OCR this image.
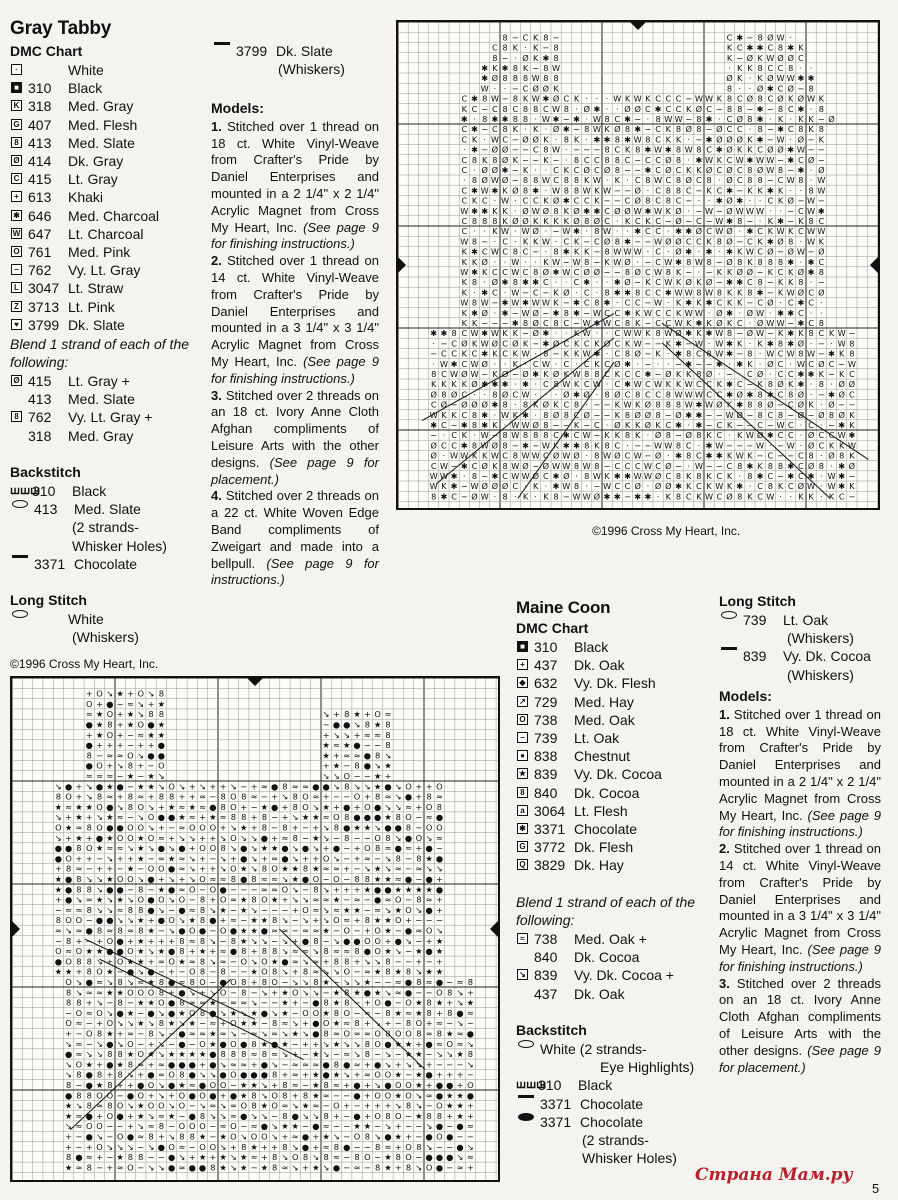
Gray Tabby
DMC Chart
·	White
■ 310	Black
K 318	Med. Gray
G 407	Med. Flesh
8 413	Med. Slate
Ø 414	Dk. Gray
C 415	Lt. Gray
+ 613	Khaki
✱ 646	Med. Charcoal
W 647	Lt. Charcoal
O 761	Med. Pink
− 762	Vy. Lt. Gray
L 3047 Lt. Straw
Z 3713 Lt. Pink
♥ 3799 Dk. Slate
Blend 1 strand of each of the following:
Ø 415	Lt. Gray +
413	Med. Slate
8 762	Vy. Lt. Gray +
318	Med. Gray
Backstitch
ꟺꟺꟺ
310	Black
413	Med. Slate
(2 strands-
Whisker Holes)
3371 Chocolate
Long Stitch
White
(Whiskers)
©1996 Cross My Heart, Inc.
3799 Dk. Slate
(Whiskers)

Models:

1. Stitched over 1 thread on 18 ct. White Vinyl-Weave from Crafter's Pride by Daniel Enterprises and mounted in a 2 1/4" x 2 1/4" Acrylic Magnet from Cross My Heart, Inc. (See page 9 for finishing instructions.)

2. Stitched over 1 thread on 14 ct. White Vinyl-Weave from Crafter's Pride by Daniel Enterprises and mounted in a 3 1/4" x 3 1/4" Acrylic Magnet from Cross My Heart, Inc. (See page 9 for finishing instructions.)

3. Stitched over 2 threads on an 18 ct. Ivory Anne Cloth Afghan compliments of Leisure Arts with the other designs. (See page 9 for placement.)

4. Stitched over 2 threads on a 22 ct. White Woven Edge Band compliments of Zweigart and made into a bellpull. (See page 9 for instructions.)

8 − C K 8 −	C ✱ − 8 Ø W ·
C 8 K · K − 8	K C ✱ ✱ C 8 ✱ K
8 − · Ø K ✱ 8	K − Ø K W Ø Ø C
✱ K ✱ 8 K − 8 W	· K K 8 C C 8 · ·
✱ Ø 8 8 8 W 8 8	Ø K · K Ø W W ✱ ✱
W · · − C Ø Ø K	8 · · Ø ✱ C Ø − 8
C ✱ 8 W − 8 K W ✱ Ø C K · · · W K W K C C C − W W K 8 C Ø 8 C Ø K Ø W K
K C − C 8 C 8 8 C W 8 · Ø ✱ · · Ø Ø C ✱ C C K Ø C − 8 8 − ✱ − 8 C ✱ · 8
✱ · 8 ✱ ✱ 8 8 · W ✱ − ✱ · W 8 C ✱ − · 8 W W − 8 ✱ · C Ø 8 ✱ · K · K K − Ø
C ✱ − C 8 K · K · Ø ✱ − 8 W K Ø 8 ✱ − C K 8 Ø 8 − Ø C C · 8 − ✱ C 8 K 8
C K · W C − Ø Ø K · 8 K · ✱ ✱ 8 ✱ W 8 C K K · − ✱ Ø Ø Ø K ✱ − W · Ø − K
· ✱ − Ø Ø − − C 8 W · − − − 8 C K 8 ✱ W ✱ 8 W 8 C ✱ Ø K K C Ø Ø ✱ W − −
C 8 K 8 Ø K − − K − · 8 C C 8 8 C − C C Ø 8 · ✱ W K C W ✱ W W − ✱ C Ø −
C · Ø Ø ✱ − K · · C K C Ø C Ø 8 − − ✱ C Ø C K K Ø C Ø C 8 Ø W 8 − ✱ · Ø
· 8 Ø W Ø − 8 8 W C 8 8 K W · K · C 8 W C 8 Ø C 8 · Ø C 8 8 − C W 8 · W
C ✱ W ✱ K Ø 8 ✱ · W 8 8 W K W − − Ø · C 8 8 C − K C ✱ − K K ✱ K · · 8 W
C K C · W · C C K Ø ✱ C C K − − C Ø 8 C 8 C − · · ✱ Ø ✱ · · C K Ø − W −
W ✱ ✱ K K · Ø W Ø 8 K Ø ✱ ✱ C Ø Ø W ✱ W K Ø · − W − Ø W W W · · − C W ✱
C 8 8 8 K Ø Ø K K K K Ø 8 Ø C · K C K C − Ø − C − W ✱ 8 − · K ✱ − K 8 C
C · · K W · W Ø · − W ✱ · 8 W · · ✱ C C · ✱ ✱ Ø C W Ø · ✱ C K W K C W W
W 8 − · C · K K W · C K − C Ø 8 ✱ − − W Ø Ø C C K 8 Ø − C K ✱ Ø 8 · W K
K ✱ C W C 8 C − · 8 ✱ K K − 8 W W W · C · Ø ✱ · ✱ · ✱ K W C Ø − Ø W − Ø
K K Ø · · W · · K W − W 8 − K W Ø · − C W ✱ 8 W 8 − Ø 8 K 8 8 8 ✱ · ✱ C
W ✱ K C C W C 8 Ø ✱ W C Ø Ø − − 8 Ø C W 8 K − · − K K Ø Ø − K C K Ø ✱ 8
K 8 · Ø ✱ 8 ✱ ✱ C · · C ✱ · · ✱ Ø − K C W K Ø K Ø − ✱ ✱ C 8 − K K 8 · −
K · ✱ C · W − C − K Ø · C · 8 ✱ ✱ 8 C C ✱ W W 8 W 8 K K 8 ✱ − K W Ø C Ø
W 8 W − ✱ W ✱ W W K − ✱ C 8 ✱ · C C − W · K ✱ K ✱ C K K − C Ø · C ✱ C ·
K ✱ Ø · ✱ − W Ø − ✱ 8 ✱ − W C C ✱ K W C C K W W · Ø ✱ · Ø W · ✱ ✱ C · ·
K K − − − ✱ 8 Ø C 8 C − W W C 8 K − C C W K ✱ K Ø K C · Ø W W − ✱ C 8
✱ ✱ 8 C W ✱ W K K − Ø ✱ · · K W · · C W W K 8 W Ø ✱ K ✱ W 8 − Ø W − K ✱ K 8 C K W −
· − C Ø K W Ø C Ø K − ✱ Ø C K C K C K W − − K ✱ − W · W ✱ K · K ✱ 8 ✱ Ø · − · W 8
− C C K C ✱ K C K W · 8 − K K W ✱ · C 8 Ø − K · ✱ 8 C 8 W ✱ − 8 · W C W 8 W − ✱ K 8
· W ✱ C W Ø · · K · C W · C · C K C Ø ✱ · − · · − ✱ − − ✱ · ✱ K · Ø C · W C Ø C − W
8 C W Ø W − K − Ø ✱ K Ø K W 8 8 C K C C ✱ − Ø K K 8 Ø · − C Ø · C C ✱ ✱ K − K C
K K K K Ø ✱ ✱ ✱ · ✱ · C 8 W K C W · C ✱ W C W K K W C C K ✱ C − K 8 Ø K ✱ · 8 · Ø Ø
Ø 8 Ø C · · 8 Ø C W · · Ø ✱ Ø · 8 Ø C 8 C C 8 W W W C C ✱ Ø ✱ 8 C 8 Ø · − ✱ Ø C
C Ø − Ø Ø Ø ✱ 8 · 8 K Ø K C 8 · − − K W K Ø 8 8 8 W ✱ W Ø ✱ 8 8 Ø − C Ø K · Ø − −
W K K C 8 ✱ · W K ✱ · 8 Ø 8 Ø − − K 8 Ø Ø 8 − Ø ✱ ✱ − − W − 8 C 8 − − Ø 8 Ø K
✱ C − ✱ 8 ✱ K · W W Ø 8 − − K − C · Ø K K Ø K C ✱ · ✱ − C K − − C − W C · C · − ✱ K
− · C K · W 8 W 8 8 8 C ✱ C W − K K 8 K · Ø 8 − Ø 8 K C · K W Ø ✱ C C · Ø C W ✱
Ø C C ✱ 8 W Ø 8 − ✱ − W K ✱ ✱ 8 K 8 C · − − W W 8 C · ✱ W − − − W · − W · Ø C K K W
Ø · W W K K W C 8 W W C Ø W Ø · 8 W Ø C W − Ø · ✱ 8 C ✱ ✱ K W K − C − − C 8 · Ø 8 K
C W − ✱ C Ø K 8 W Ø − Ø W W 8 W 8 − C C C W C Ø − · W − − C 8 ✱ K 8 8 ✱ C Ø 8 · ✱ Ø
W W ✱ · 8 − ✱ C W W Ø C ✱ Ø · 8 W K ✱ ✱ W W Ø C 8 K 8 K C K · 8 ✱ C − ✱ C ✱ · W ✱ −
W K ✱ − W Ø Ø Ø C · K · ✱ W 8 · − W C C Ø · Ø Ø ✱ K C K W K ✱ · C 8 K C Ø W · W ✱ K
8 ✱ C − Ø W · 8 · K · K 8 − W W Ø ✱ ✱ − ✱ ✱ · K 8 C K W C Ø 8 K C W · · K K · K C −
©1996 Cross My Heart, Inc.
+ O ↘ ★ + O ↘ 8
O + ● − ≈ ↘ + ★
≈ ★ O + ★ ↘ 8 8	↘ + 8 ★ + O ≈
● ★ 8 + ★ O ● ★	− ● ● ↘ 8 ★ 8
+ ★ O + − ≈ ★ ★	+ ↘ ↘ + ≈ ≈ 8
● + + + − + + ●	★ ≈ ★ ● − − 8
8 − ≈ ≈ O ↘ ● ●	★ + ≈ ≈ ● 8 ↘
● O + ↘ 8 + − O	+ ★ − 8 ● ↘ ★
≈ ≈ ≈ − ★ − ★ ↘	↘ ↘ O − − ★ +
↘ ● + ↘ ● ★ ● − ★ ★ ↘ O ↘ + ↘ + + ↘ − + ≈ ● 8 ≈ ≈ ● ● ↘ 8 ↘ ↘ ★ ● ↘ O + + O
8 O + ↘ 8 ≈ + 8 ≈ + 8 8 + + ≈ − 8 O 8 ≈ − + ↘ 8 O ≈ + − − O + 8 ≈ ↘ ● + 8 ≈
★ ≈ ★ ★ O ● ↘ 8 O ↘ + ★ ≈ ★ ≈ ● 8 O + − ★ ● + 8 O ↘ ★ + ● + O ● ↘ ↘ ≈ + O 8
↘ + ★ + ↘ ★ ≈ − ↘ O ● ● ★ ≈ + ★ ≈ 8 8 + 8 − + ↘ ★ ★ ≈ O 8 ● ● ● ★ 8 O − ≈ ●
O ★ ≈ 8 O ● ● O O ↘ + − ≈ O O O + ↘ ★ + 8 − 8 + − + ↘ 8 ● ★ ★ ↘ ● ● 8 − O O
↘ + ★ + ● ★ O O ★ O ≈ + ↘ ↘ + + ↘ O ↘ ↘ ● + ≈ 8 − ★ ↘ − 8 − − O 8 ↘ ● O ↘ ≈
● ● 8 O ★ ≈ ≈ ↘ ★ ↘ ● ↘ ● + O O 8 ↘ ● ↘ ★ ★ ● ↘ ● ↘ + ● − + O 8 ≈ ● ≈ + ● −
● O + + − ↘ + + ★ − ≈ ★ ≈ ↘ + − ↘ + ● ↘ + ≈ ● ↘ + + O ↘ − + ≈ − ↘ 8 − 8 ★ ●
+ 8 ≈ − + + − ★ − O O ● ≈ ↘ + + ↘ O ★ ↘ 8 O ★ ★ 8 ★ ≈ ≈ + − ↘ ★ ↘ ≈ − ≈ ↘ ↘
★ ● 8 ↘ ↘ ★ O O ↘ ● + ↘ + ↘ O ≈ ≈ 8 ● 8 ≈ ≈ ↘ ★ ● O − O − 8 8 ★ ★ ≈ ● − ● +
★ ● 8 8 ↘ ● ● − 8 − ★ ● ≈ O − O ● − − − ≈ ≈ O ↘ − 8 ↘ + + + ★ ● ● ★ ★ ★ ★ ●
+ ● ↘ ≈ ★ ↘ ★ ↘ O ● O ↘ O − 8 + O ≈ ★ 8 O ★ + ↘ ↘ ≈ ≈ ★ − ≈ − ● ≈ O − 8 ≈ +
− ≈ ≈ 8 ↘ ↘ ≈ 8 8 ● ↘ − ● ≈ 8 ↘ ★ − ★ ↘ − − − + O ≈ ↘ ≈ ★ ★ − ≈ ↘ ★ O ↘ ● +
8 O O − ● ● ↘ ↘ ★ + ● O ↘ ★ 8 ● + ≈ − ★ ★ 8 ↘ − ↘ + ↘ O ≈ + 8 ★ ★ O + − − −
≈ ↘ ≈ ● 8 ≈ 8 ≈ 8 ★ − ↘ ● O ● − O ● ★ ★ ● ≈ ≈ − ≈ ≈ ★ − O − + O ★ − ● ≈ O ↘
− 8 + + O ● + ★ + + + 8 ≈ 8 ↘ − 8 ★ ↘ ↘ − ↘ + ● 8 − ↘ ● ● O O + ● ↘ − + ★
O ≈ O ★ ★ ● O ★ ↘ ★ ● 8 + ★ + ≈ ● 8 + 8 8 ↘ ≈ ≈ ↘ 8 ≈ ≈ 8 ● O ★ ↘ − ★ ● ★
● O 8 8 ↘ + O ★ ★ + ≈ O ★ ≈ 8 ↘ ≈ − O ↘ O ★ ● ≈ ↘ ≈ + 8 8 + ↘ ↘ 8 − − + − +
★ ★ + 8 O ★ − ● ↘ ● − + − O 8 − 8 − − ★ O 8 ↘ + 8 ≈ ↘ ↘ O − ≈ ★ 8 ★ 8 ↘ ★ ★
O ↘ ● ≈ ↘ 8 ↘ ≈ ★ 8 ● ≈ 8 O − ● O 8 + 8 O − ↘ ↘ 8 ★ − ↘ ↘ ★ − − ≈ ● 8 ≈ ● − ≈ 8
8 ↘ ≈ ≈ ★ ★ O O O 8 + ● ↘ + ↘ O − 8 − ↘ + ★ O ↘ ↘ − ★ 8 ★ ● ★ ↘ ≈ ● − − O 8 ↘ +
8 8 + ↘ − 8 − ★ ★ O ● 8 ≈ ≈ ★ − ≈ ≈ ↘ − − ★ + − ● 8 ★ 8 − + O ● − O ★ 8 ★ + ↘ ★
− O ≈ O ↘ ● ★ − ● ↘ ● ★ O 8 ● ↘ ★ ↘ ★ ● ↘ ★ − O O ★ 8 O − ≈ − 8 ★ ≈ ★ 8 + 8 ● ≈
O ≈ − + O ↘ ↘ ★ ↘ 8 ★ ↘ ★ − ≈ + O ★ ★ − 8 ≈ ↘ + ● O ★ ≈ 8 + + − 8 O + ≈ − ↘ −
+ − O 8 ★ + ≈ − 8 ↘ − ● ≈ ≈ ★ ≈ ↘ − ≈ ↘ ≈ ↘ ★ ↘ ● 8 ≈ O ≈ ≈ O O O 8 ≈ 8 ★ ≈ ●
↘ ≈ − ↘ ● ↘ O − + − ● − O ★ ● O ● 8 ★ ● ★ − + + ↘ ★ ↘ ↘ 8 O ● ★ + ● ≈ O ≈ ↘
● ≈ ↘ ↘ 8 8 ★ O ↘ ★ ★ ★ ★ ● 8 8 8 ≈ 8 ≈ ↘ + − ★ ↘ − ≈ ↘ 8 − ↘ − ★ − ↘ ↘ ★ 8
↘ O ★ + ● ★ 8 ≈ + ≈ ● ● ● + ● ↘ ≈ ≈ + ● ↘ − ≈ ≈ ≈ ● 8 ● ≈ + ● ↘ + ↘ ↘ + − − − ↘
↘ 8 ● 8 + 8 ↘ + ● ≈ O 8 ● ↘ ↘ ● O ● ● ● 8 + ≈ + ★ ● ★ ↘ + ≈ O O ★ − ★ ● + + + −
8 − ● ★ 8 + + ● O ↘ ● ★ ≈ ● O O − ★ ★ ↘ + 8 ≈ − ★ 8 ≈ + ● + ↘ ● O O ★ + ● ● + O
● 8 8 O O − ● O + ↘ + O ● O ● + ● ★ 8 ↘ O 8 + 8 ★ ≈ − − ● + O O ★ O ↘ ≈ ● ★ ★ ●
★ ↘ 8 ≈ 8 O ↘ ★ O O ↘ O − ↘ ≈ ↘ ≈ O 8 ★ O ≈ ↘ ★ ≈ − O + − + + + ↘ 8 ↘ − O ★ ★ +
★ ≈ ● + O ● + ★ ↘ ≈ ★ − ● 8 ↘ ↘ ≈ ● ↘ ↘ − 8 ● ↘ ↘ 8 + − ● + O 8 O − ★ 8 8 + ★ +
↘ ≈ O O − − + ↘ ≈ 8 − O O O − ≈ O − ≈ ● ↘ ★ ★ − ● ≈ − − ★ ★ − ↘ + − − ↘ ● − ● ≈
+ − ● ↘ − O ● ≈ 8 + ↘ 8 8 ★ − ★ O ↘ O O ↘ + ≈ ● + ★ ↘ − O 8 ↘ ● ★ + − ● O ● − −
+ − + O ↘ ↘ ↘ − ↘ ● O ≈ − O O ↘ + 8 ★ + + 8 ↘ ● + ≈ 8 ● − − 8 ≈ + O 8 ↘ − − ● ↘
8 ● ≈ + − ★ 8 8 − − ● ↘ + ★ + ★ ↘ ★ ≈ + 8 ↘ O 8 ↘ 8 ≈ − 8 O − ★ 8 O − ● ● ● ↘ ≈
★ ≈ 8 − + ≈ O − ↘ ↘ ● ≈ ● ● 8 ★ ↘ ★ − ★ 8 ≈ ↘ + ★ ↘ ● − ≈ − 8 ★ + 8 ↘ O ● − ≈ +
Maine Coon
DMC Chart
■ 310	Black
+ 437	Dk. Oak
◆ 632	Vy. Dk. Flesh
↗ 729	Med. Hay
O 738	Med. Oak
− 739	Lt. Oak
● 838	Chestnut
★ 839	Vy. Dk. Cocoa
8 840	Dk. Cocoa
a 3064 Lt. Flesh
✱ 3371 Chocolate
G 3772 Dk. Flesh
Q 3829 Dk. Hay
Blend 1 strand of each of the following:
≈ 738	Med. Oak +
840	Dk. Cocoa
↘ 839	Vy. Dk. Cocoa +
437	Dk. Oak
Backstitch
White (2 strands-
Eye Highlights)
ꟺꟺꟺ
310	Black
3371 Chocolate
3371 Chocolate
(2 strands-
Whisker Holes)
Long Stitch
739	Lt. Oak
(Whiskers)
839	Vy. Dk. Cocoa
(Whiskers)

Models:

1. Stitched over 1 thread on 18 ct. White Vinyl-Weave from Crafter's Pride by Daniel Enterprises and mounted in a 2 1/4" x 2 1/4" Acrylic Magnet from Cross My Heart, Inc. (See page 9 for finishing instructions.)

2. Stitched over 1 thread on 14 ct. White Vinyl-Weave from Crafter's Pride by Daniel Enterprises and mounted in a 3 1/4" x 3 1/4" Acrylic Magnet from Cross My Heart, Inc. (See page 9 for finishing instructions.)

3. Stitched over 2 threads on an 18 ct. Ivory Anne Cloth Afghan compliments of Leisure Arts with the other designs. (See page 9 for placement.)

5
Страна Мам.ру
